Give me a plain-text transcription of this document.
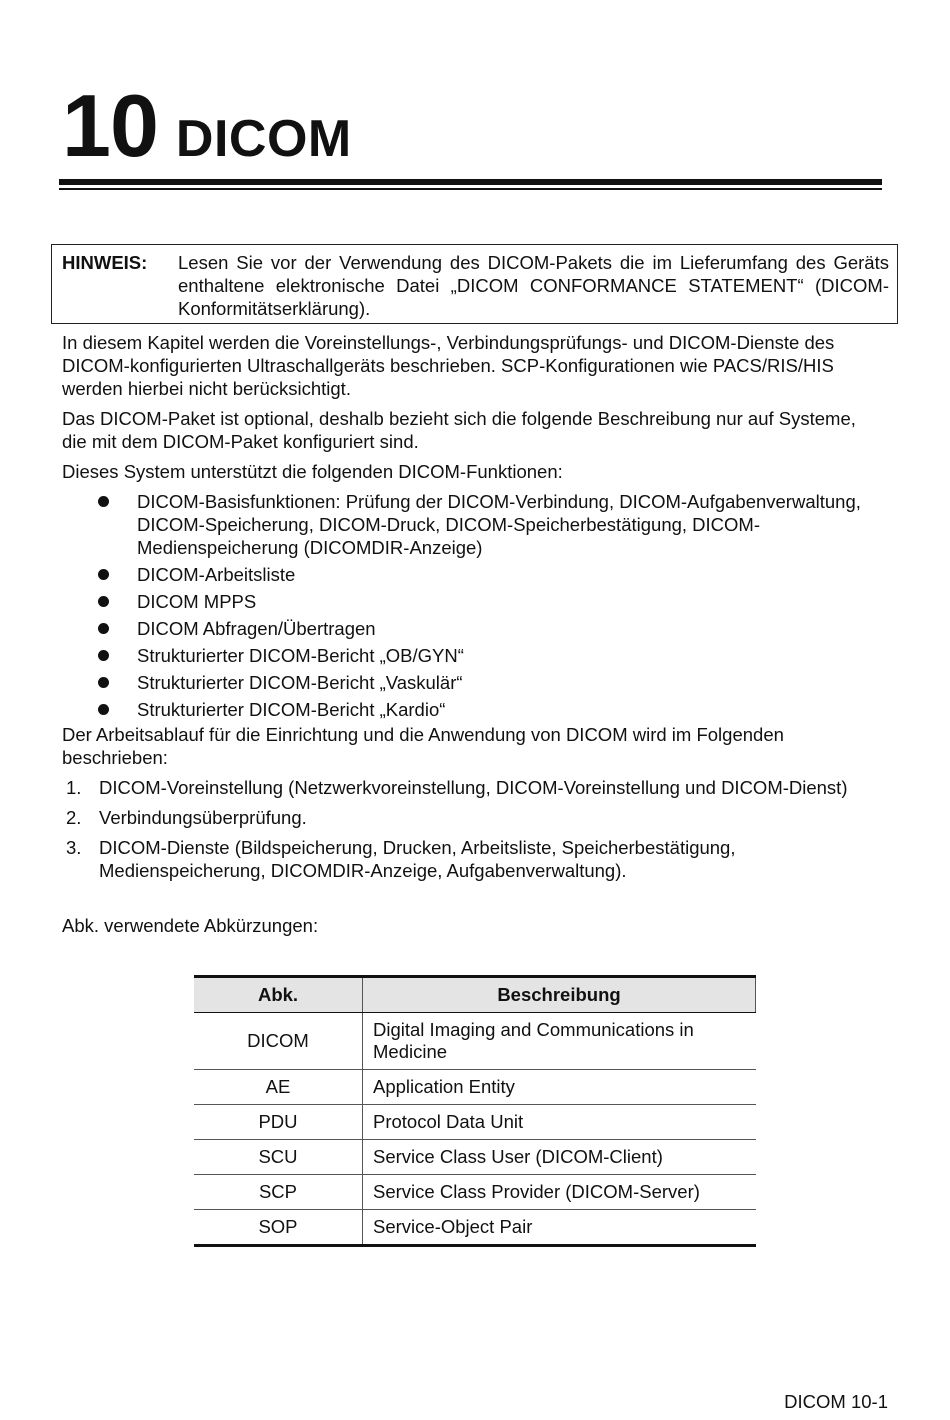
10 DICOM
HINWEIS: Lesen Sie vor der Verwendung des DICOM-Pakets die im Lieferumfang des Geräts enthaltene elektronische Datei „DICOM CONFORMANCE STATEMENT“ (DICOM-Konformitätserklärung).

In diesem Kapitel werden die Voreinstellungs-, Verbindungsprüfungs- und DICOM-Dienste des DICOM-konfigurierten Ultraschallgeräts beschrieben. SCP-Konfigurationen wie PACS/RIS/HIS werden hierbei nicht berücksichtigt.

Das DICOM-Paket ist optional, deshalb bezieht sich die folgende Beschreibung nur auf Systeme, die mit dem DICOM-Paket konfiguriert sind.

Dieses System unterstützt die folgenden DICOM-Funktionen:

DICOM-Basisfunktionen: Prüfung der DICOM-Verbindung, DICOM-Aufgabenverwaltung, DICOM-Speicherung, DICOM-Druck, DICOM-Speicherbestätigung, DICOM-Medienspeicherung (DICOMDIR-Anzeige)
DICOM-Arbeitsliste
DICOM MPPS
DICOM Abfragen/Übertragen
Strukturierter DICOM-Bericht „OB/GYN“
Strukturierter DICOM-Bericht „Vaskulär“
Strukturierter DICOM-Bericht „Kardio“

Der Arbeitsablauf für die Einrichtung und die Anwendung von DICOM wird im Folgenden beschrieben:

1. DICOM-Voreinstellung (Netzwerkvoreinstellung, DICOM-Voreinstellung und DICOM-Dienst)
2. Verbindungsüberprüfung.
3. DICOM-Dienste (Bildspeicherung, Drucken, Arbeitsliste, Speicherbestätigung, Medienspeicherung, DICOMDIR-Anzeige, Aufgabenverwaltung).

Abk. verwendete Abkürzungen:

Abk.	Beschreibung
DICOM	Digital Imaging and Communications in Medicine
AE	Application Entity
PDU	Protocol Data Unit
SCU	Service Class User (DICOM-Client)
SCP	Service Class Provider (DICOM-Server)
SOP	Service-Object Pair
DICOM 10-1
